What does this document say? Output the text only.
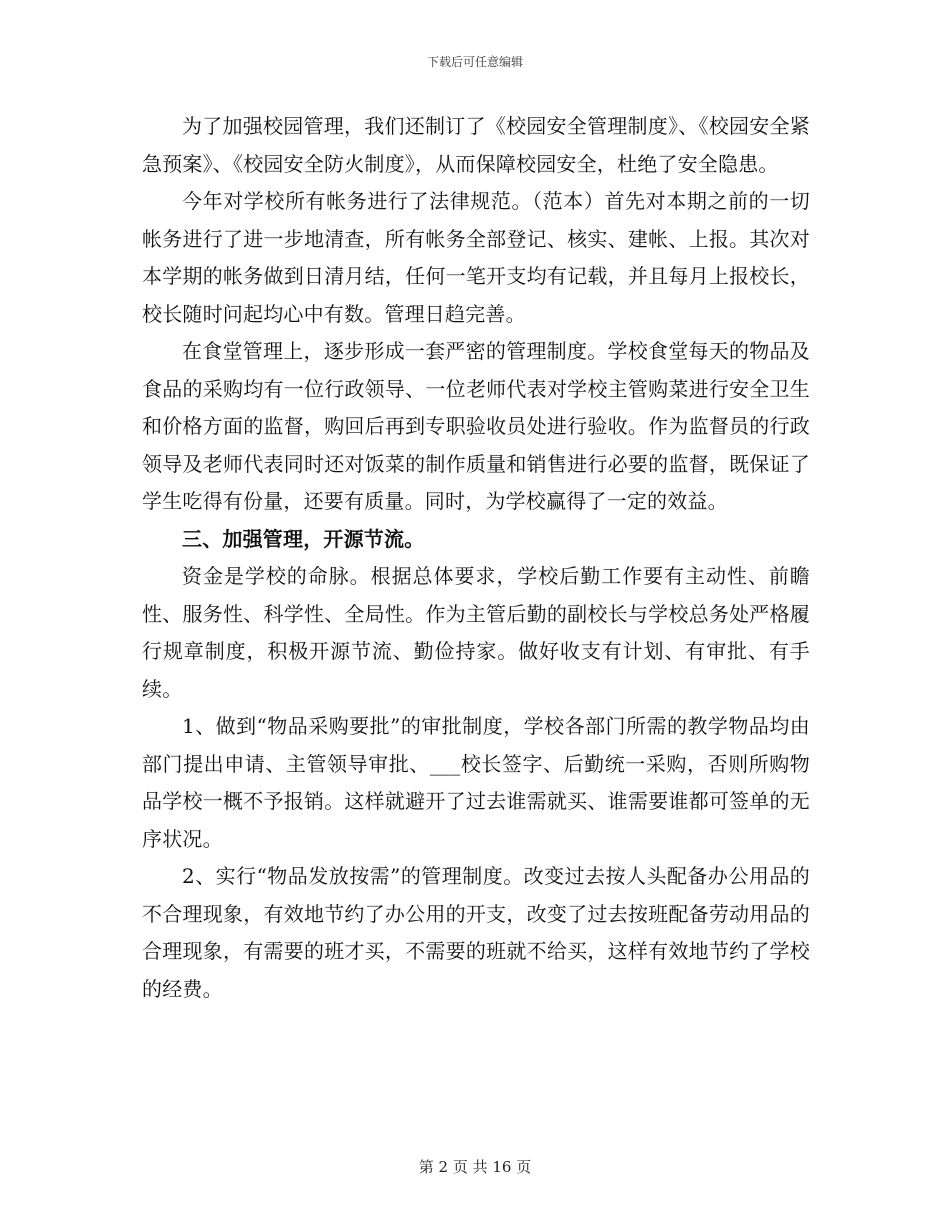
下载后可任意编辑

为了加强校园管理，我们还制订了《校园安全管理制度》、《校园安全紧急预案》、《校园安全防火制度》，从而保障校园安全，杜绝了安全隐患。

今年对学校所有帐务进行了法律规范。（范本）首先对本期之前的一切帐务进行了进一步地清查，所有帐务全部登记、核实、建帐、上报。其次对本学期的帐务做到日清月结，任何一笔开支均有记载，并且每月上报校长，校长随时问起均心中有数。管理日趋完善。

在食堂管理上，逐步形成一套严密的管理制度。学校食堂每天的物品及食品的采购均有一位行政领导、一位老师代表对学校主管购菜进行安全卫生和价格方面的监督，购回后再到专职验收员处进行验收。作为监督员的行政领导及老师代表同时还对饭菜的制作质量和销售进行必要的监督，既保证了学生吃得有份量，还要有质量。同时，为学校赢得了一定的效益。

三、加强管理，开源节流。

资金是学校的命脉。根据总体要求，学校后勤工作要有主动性、前瞻性、服务性、科学性、全局性。作为主管后勤的副校长与学校总务处严格履行规章制度，积极开源节流、勤俭持家。做好收支有计划、有审批、有手续。

1、做到“物品采购要批”的审批制度，学校各部门所需的教学物品均由部门提出申请、主管领导审批、___校长签字、后勤统一采购，否则所购物品学校一概不予报销。这样就避开了过去谁需就买、谁需要谁都可签单的无序状况。

2、实行“物品发放按需”的管理制度。改变过去按人头配备办公用品的不合理现象，有效地节约了办公用的开支，改变了过去按班配备劳动用品的合理现象，有需要的班才买，不需要的班就不给买，这样有效地节约了学校的经费。

第 2 页 共 16 页
